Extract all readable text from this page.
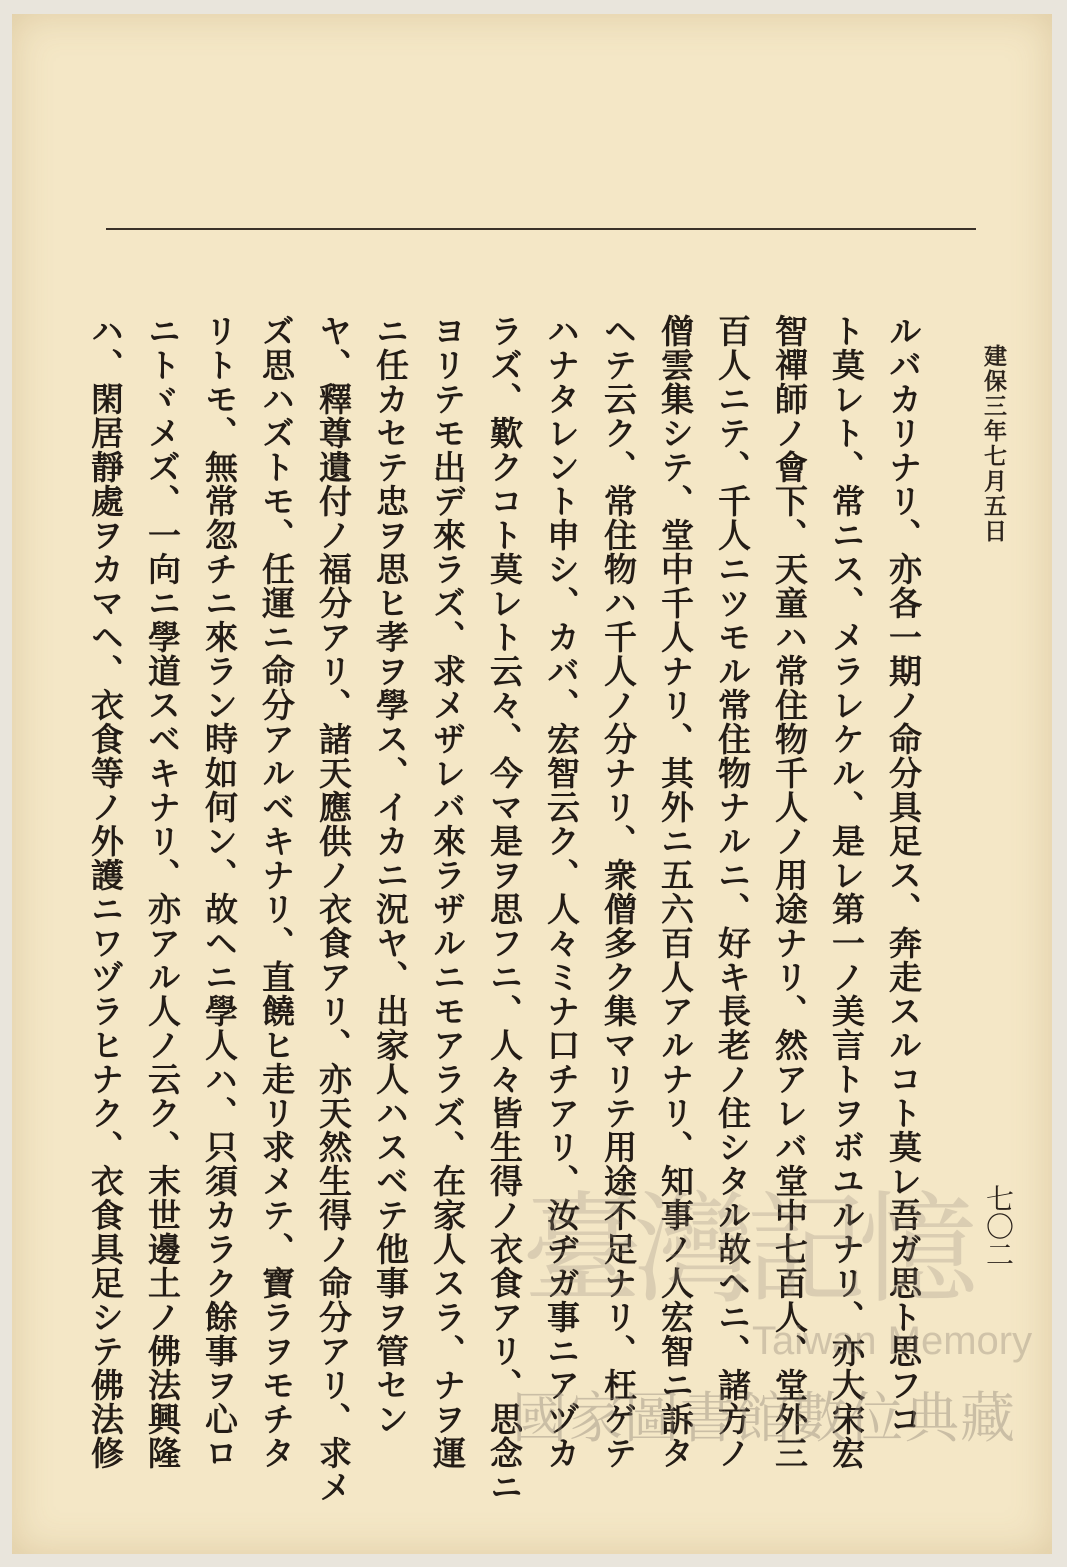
建保三年七月五日
七〇二
ルバカリナリ、亦各一期ノ命分具足ス、奔走スルコト莫レ吾ガ思ト思フコ
ト莫レト、常ニス、メラレケル、是レ第一ノ美言トヲボユルナリ、亦大宋宏
智禪師ノ會下、天童ハ常住物千人ノ用途ナリ、然アレバ堂中七百人、堂外三
百人ニテ、千人ニツモル常住物ナルニ、好キ長老ノ住シタル故ヘニ、諸方ノ
僧雲集シテ、堂中千人ナリ、其外ニ五六百人アルナリ、知事ノ人宏智ニ訴タ
ヘテ云ク、常住物ハ千人ノ分ナリ、衆僧多ク集マリテ用途不足ナリ、枉ゲテ
ハナタレント申シ、カバ、宏智云ク、人々ミナ口チアリ、汝ヂガ事ニアヅカ
ラズ、歎クコト莫レト云々、今マ是ヲ思フニ、人々皆生得ノ衣食アリ、思念ニ
ヨリテモ出デ來ラズ、求メザレバ來ラザルニモアラズ、在家人スラ、ナヲ運
ニ任カセテ忠ヲ思ヒ孝ヲ學ス、イカニ況ヤ、出家人ハスベテ他事ヲ管セン
ヤ、釋尊遺付ノ福分アリ、諸天應供ノ衣食アリ、亦天然生得ノ命分アリ、求メ
ズ思ハズトモ、任運ニ命分アルベキナリ、直饒ヒ走リ求メテ、寶ラヲモチタ
リトモ、無常忽チニ來ラン時如何ン、故ヘニ學人ハ、只須カラク餘事ヲ心ロ
ニトヾメズ、一向ニ學道スベキナリ、亦アル人ノ云ク、末世邊土ノ佛法興隆
ハ、閑居靜處ヲカマヘ、衣食等ノ外護ニワヅラヒナク、衣食具足シテ佛法修	臺灣記憶
Taiwan Memory
國家圖書館數位典藏
